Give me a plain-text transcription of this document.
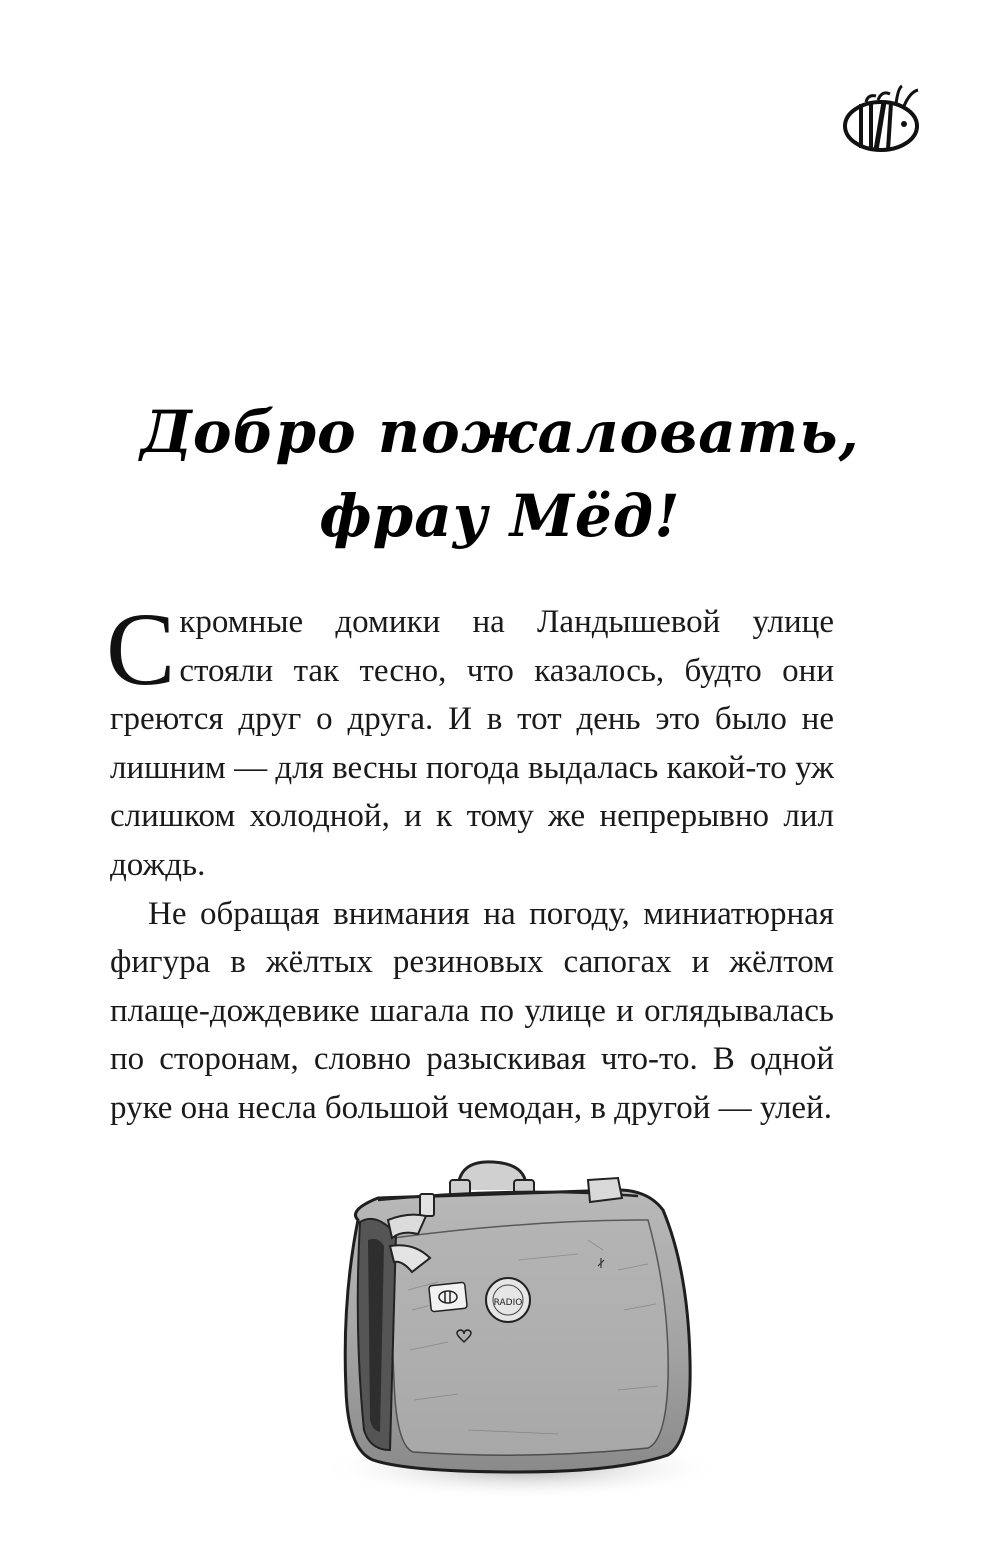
Добро пожаловать,
фрау Мёд!

Скромные домики на Ландышевой улице стояли так тесно, что казалось, будто они греются друг о друга. И в тот день это было не лишним — для весны погода выдалась какой-то уж слишком холодной, и к тому же непрерывно лил дождь.

Не обращая внимания на погоду, миниатюрная фигура в жёлтых резиновых сапогах и жёлтом плаще-дождевике шагала по улице и оглядывалась по сторонам, словно разыскивая что-то. В одной руке она несла большой чемодан, в другой — улей.

RADIO
